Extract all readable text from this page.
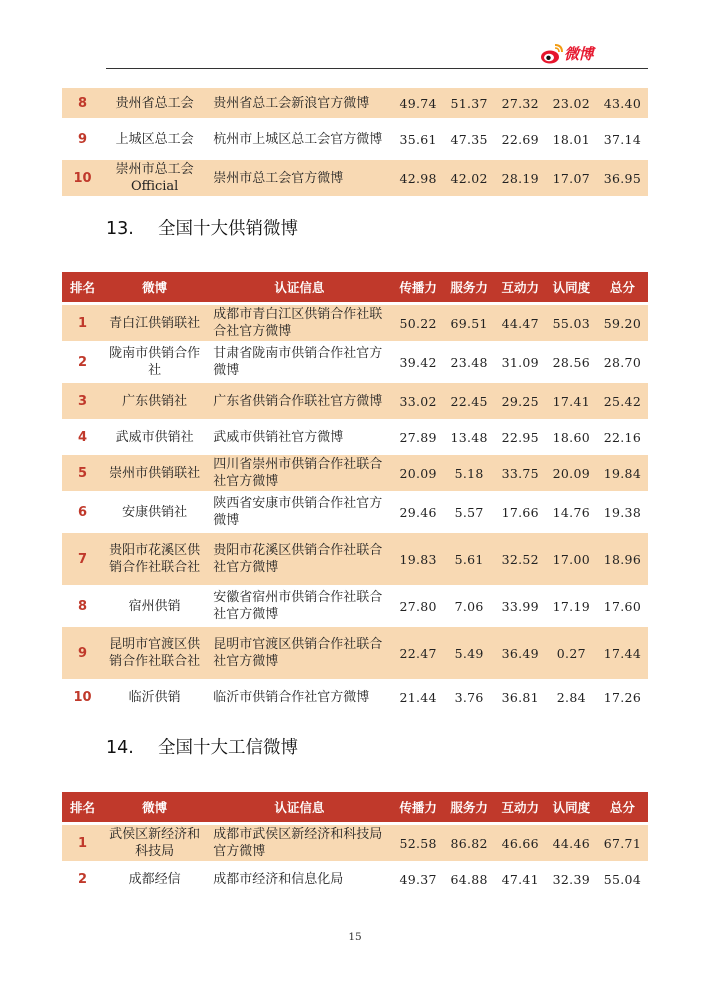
微博
8	贵州省总工会	贵州省总工会新浪官方微博	49.74	51.37	27.32	23.02	43.40
9	上城区总工会	杭州市上城区总工会官方微博	35.61	47.35	22.69	18.01	37.14
10	崇州市总工会Official	崇州市总工会官方微博	42.98	42.02	28.19	17.07	36.95
13. 全国十大供销微博
排名	微博	认证信息	传播力	服务力	互动力	认同度	总分
1	青白江供销联社	成都市青白江区供销合作社联合社官方微博	50.22	69.51	44.47	55.03	59.20
2	陇南市供销合作社	甘肃省陇南市供销合作社官方微博	39.42	23.48	31.09	28.56	28.70
3	广东供销社	广东省供销合作联社官方微博	33.02	22.45	29.25	17.41	25.42
4	武威市供销社	武威市供销社官方微博	27.89	13.48	22.95	18.60	22.16
5	崇州市供销联社	四川省崇州市供销合作社联合社官方微博	20.09	5.18	33.75	20.09	19.84
6	安康供销社	陕西省安康市供销合作社官方微博	29.46	5.57	17.66	14.76	19.38
7	贵阳市花溪区供销合作社联合社	贵阳市花溪区供销合作社联合社官方微博	19.83	5.61	32.52	17.00	18.96
8	宿州供销	安徽省宿州市供销合作社联合社官方微博	27.80	7.06	33.99	17.19	17.60
9	昆明市官渡区供销合作社联合社	昆明市官渡区供销合作社联合社官方微博	22.47	5.49	36.49	0.27	17.44
10	临沂供销	临沂市供销合作社官方微博	21.44	3.76	36.81	2.84	17.26
14. 全国十大工信微博
排名	微博	认证信息	传播力	服务力	互动力	认同度	总分
1	武侯区新经济和科技局	成都市武侯区新经济和科技局官方微博	52.58	86.82	46.66	44.46	67.71
2	成都经信	成都市经济和信息化局	49.37	64.88	47.41	32.39	55.04
15
